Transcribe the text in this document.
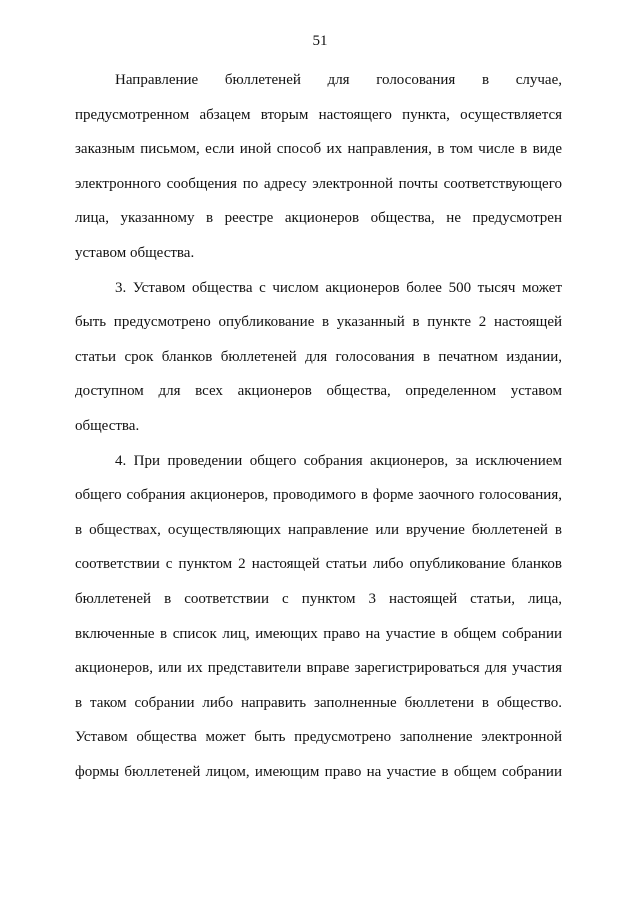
51
Направление бюллетеней для голосования в случае,
предусмотренном абзацем вторым настоящего пункта, осуществляется
заказным письмом, если иной способ их направления, в том числе в виде
электронного сообщения по адресу электронной почты соответствующего
лица, указанному в реестре акционеров общества, не предусмотрен
уставом общества.
3. Уставом общества с числом акционеров более 500 тысяч может
быть предусмотрено опубликование в указанный в пункте 2 настоящей
статьи срок бланков бюллетеней для голосования в печатном издании,
доступном для всех акционеров общества, определенном уставом
общества.
4. При проведении общего собрания акционеров, за исключением
общего собрания акционеров, проводимого в форме заочного голосования,
в обществах, осуществляющих направление или вручение бюллетеней в
соответствии с пунктом 2 настоящей статьи либо опубликование бланков
бюллетеней в соответствии с пунктом 3 настоящей статьи, лица,
включенные в список лиц, имеющих право на участие в общем собрании
акционеров, или их представители вправе зарегистрироваться для участия
в таком собрании либо направить заполненные бюллетени в общество.
Уставом общества может быть предусмотрено заполнение электронной
формы бюллетеней лицом, имеющим право на участие в общем собрании
